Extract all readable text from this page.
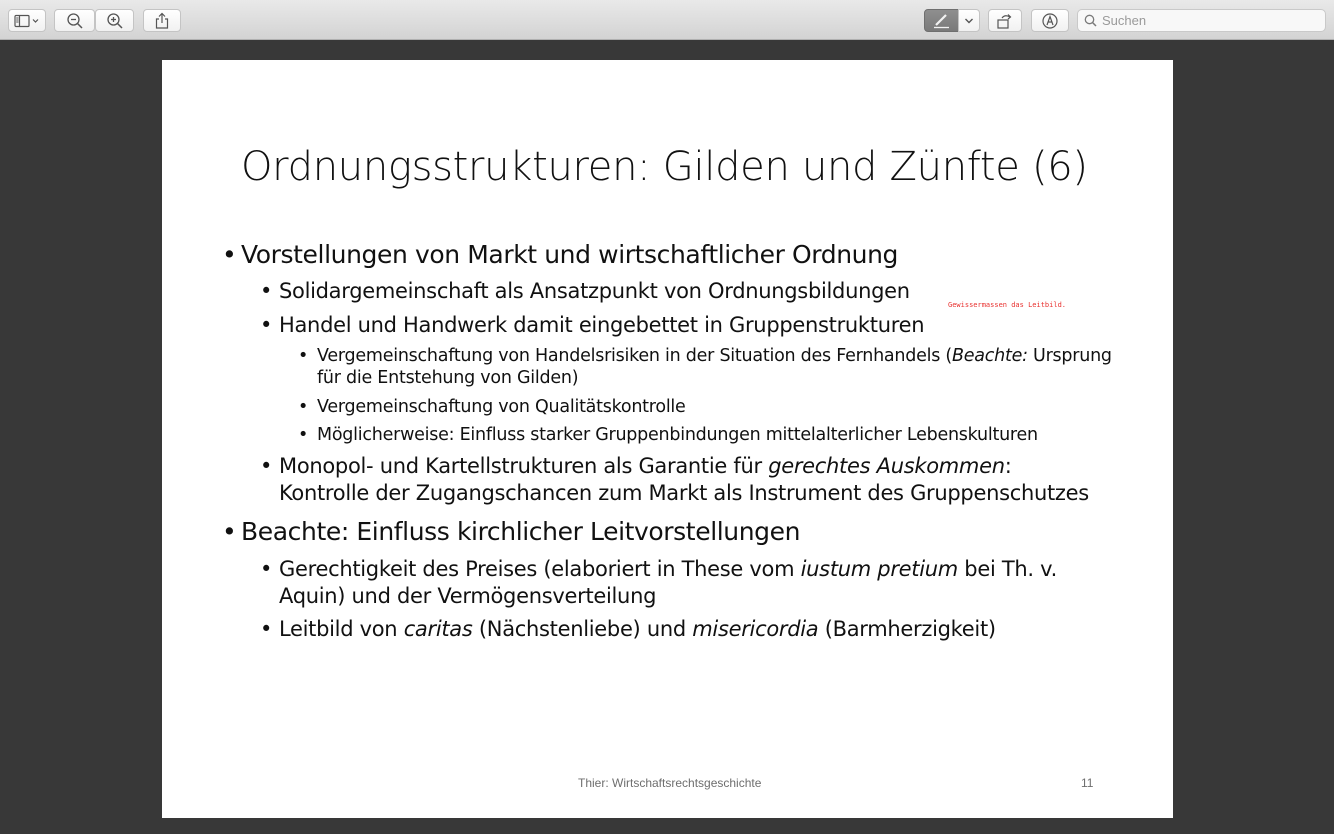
Suchen
Ordnungsstrukturen: Gilden und Zünfte (6)
• Vorstellungen von Markt und wirtschaftlicher Ordnung
• Solidargemeinschaft als Ansatzpunkt von Ordnungsbildungen
• Handel und Handwerk damit eingebettet in Gruppenstrukturen
• Vergemeinschaftung von Handelsrisiken in der Situation des Fernhandels (Beachte: Ursprung
für die Entstehung von Gilden)
• Vergemeinschaftung von Qualitätskontrolle
• Möglicherweise: Einfluss starker Gruppenbindungen mittelalterlicher Lebenskulturen
• Monopol- und Kartellstrukturen als Garantie für gerechtes Auskommen:
Kontrolle der Zugangschancen zum Markt als Instrument des Gruppenschutzes
• Beachte: Einfluss kirchlicher Leitvorstellungen
• Gerechtigkeit des Preises (elaboriert in These vom iustum pretium bei Th. v.
Aquin) und der Vermögensverteilung
• Leitbild von caritas (Nächstenliebe) und misericordia (Barmherzigkeit)
Gewissermassen das Leitbild.
Thier: Wirtschaftsrechtsgeschichte	11
